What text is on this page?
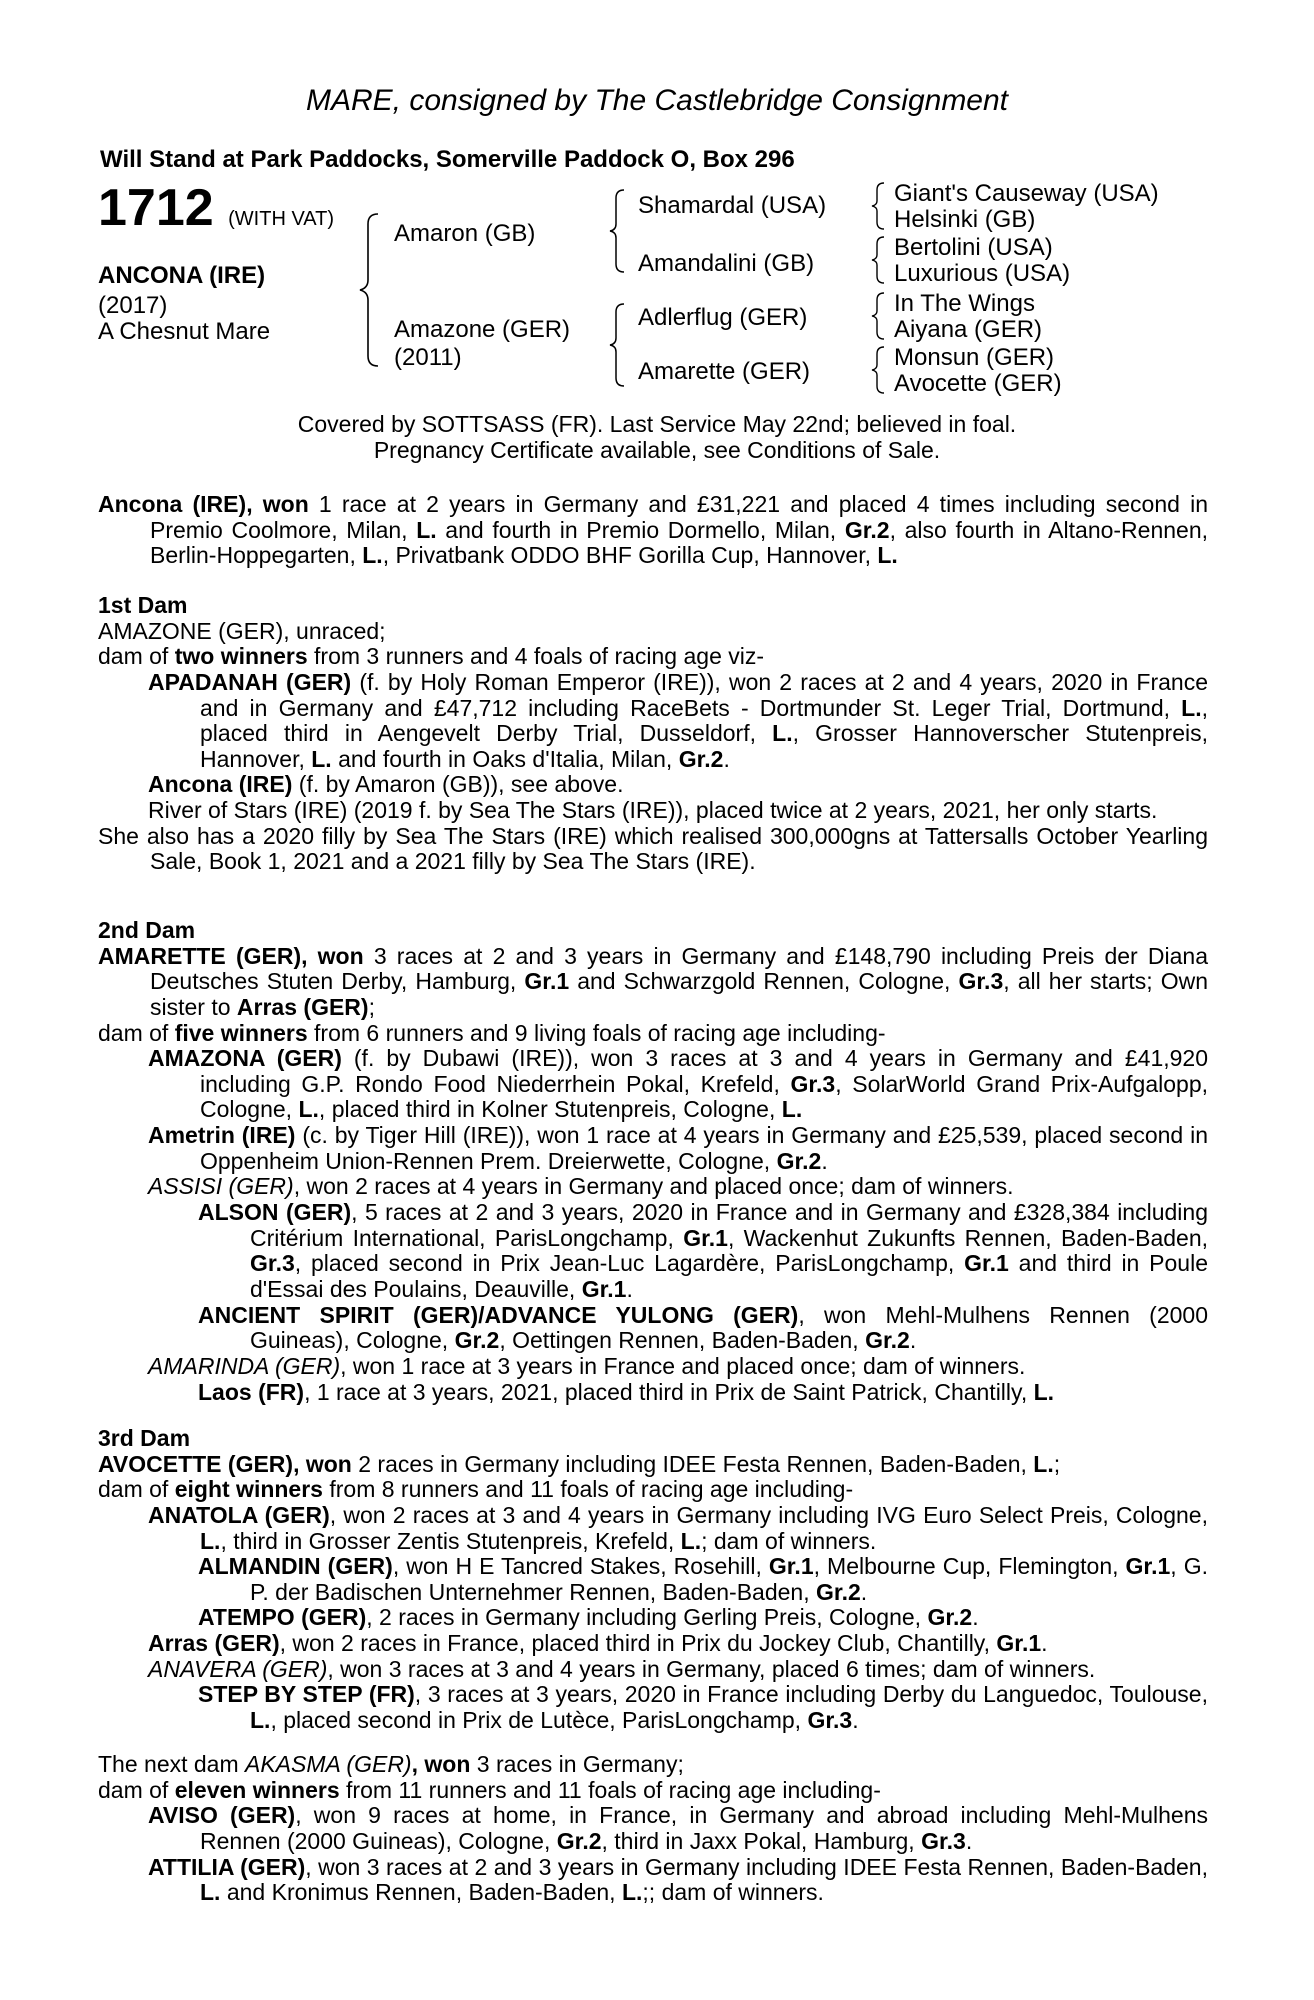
MARE, consigned by The Castlebridge Consignment
Will Stand at Park Paddocks, Somerville Paddock O, Box 296
1712 (WITH VAT)
ANCONA (IRE)
(2017)
A Chesnut Mare
Amaron (GB)
Amazone (GER)
(2011)
Shamardal (USA)
Amandalini (GB)
Adlerflug (GER)
Amarette (GER)
Giant's Causeway (USA)
Helsinki (GB)
Bertolini (USA)
Luxurious (USA)
In The Wings
Aiyana (GER)
Monsun (GER)
Avocette (GER)
Covered by SOTTSASS (FR). Last Service May 22nd; believed in foal.
Pregnancy Certificate available, see Conditions of Sale.

Ancona (IRE), won 1 race at 2 years in Germany and £31,221 and placed 4 times including second in Premio Coolmore, Milan, L. and fourth in Premio Dormello, Milan, Gr.2, also fourth in Altano-Rennen, Berlin-Hoppegarten, L., Privatbank ODDO BHF Gorilla Cup, Hannover, L.

1st Dam

AMAZONE (GER), unraced;

dam of two winners from 3 runners and 4 foals of racing age viz-

APADANAH (GER) (f. by Holy Roman Emperor (IRE)), won 2 races at 2 and 4 years, 2020 in France and in Germany and £47,712 including RaceBets - Dortmunder St. Leger Trial, Dortmund, L., placed third in Aengevelt Derby Trial, Dusseldorf, L., Grosser Hannoverscher Stutenpreis, Hannover, L. and fourth in Oaks d'Italia, Milan, Gr.2.

Ancona (IRE) (f. by Amaron (GB)), see above.

River of Stars (IRE) (2019 f. by Sea The Stars (IRE)), placed twice at 2 years, 2021, her only starts.

She also has a 2020 filly by Sea The Stars (IRE) which realised 300,000gns at Tattersalls October Yearling Sale, Book 1, 2021 and a 2021 filly by Sea The Stars (IRE).

2nd Dam

AMARETTE (GER), won 3 races at 2 and 3 years in Germany and £148,790 including Preis der Diana Deutsches Stuten Derby, Hamburg, Gr.1 and Schwarzgold Rennen, Cologne, Gr.3, all her starts; Own sister to Arras (GER);

dam of five winners from 6 runners and 9 living foals of racing age including-

AMAZONA (GER) (f. by Dubawi (IRE)), won 3 races at 3 and 4 years in Germany and £41,920 including G.P. Rondo Food Niederrhein Pokal, Krefeld, Gr.3, SolarWorld Grand Prix-Aufgalopp, Cologne, L., placed third in Kolner Stutenpreis, Cologne, L.

Ametrin (IRE) (c. by Tiger Hill (IRE)), won 1 race at 4 years in Germany and £25,539, placed second in Oppenheim Union-Rennen Prem. Dreierwette, Cologne, Gr.2.

ASSISI (GER), won 2 races at 4 years in Germany and placed once; dam of winners.

ALSON (GER), 5 races at 2 and 3 years, 2020 in France and in Germany and £328,384 including Critérium International, ParisLongchamp, Gr.1, Wackenhut Zukunfts Rennen, Baden-Baden, Gr.3, placed second in Prix Jean-Luc Lagardère, ParisLongchamp, Gr.1 and third in Poule d'Essai des Poulains, Deauville, Gr.1.

ANCIENT SPIRIT (GER)/ADVANCE YULONG (GER), won Mehl-Mulhens Rennen (2000 Guineas), Cologne, Gr.2, Oettingen Rennen, Baden-Baden, Gr.2.

AMARINDA (GER), won 1 race at 3 years in France and placed once; dam of winners.

Laos (FR), 1 race at 3 years, 2021, placed third in Prix de Saint Patrick, Chantilly, L.

3rd Dam

AVOCETTE (GER), won 2 races in Germany including IDEE Festa Rennen, Baden-Baden, L.;

dam of eight winners from 8 runners and 11 foals of racing age including-

ANATOLA (GER), won 2 races at 3 and 4 years in Germany including IVG Euro Select Preis, Cologne, L., third in Grosser Zentis Stutenpreis, Krefeld, L.; dam of winners.

ALMANDIN (GER), won H E Tancred Stakes, Rosehill, Gr.1, Melbourne Cup, Flemington, Gr.1, G. P. der Badischen Unternehmer Rennen, Baden-Baden, Gr.2.

ATEMPO (GER), 2 races in Germany including Gerling Preis, Cologne, Gr.2.

Arras (GER), won 2 races in France, placed third in Prix du Jockey Club, Chantilly, Gr.1.

ANAVERA (GER), won 3 races at 3 and 4 years in Germany, placed 6 times; dam of winners.

STEP BY STEP (FR), 3 races at 3 years, 2020 in France including Derby du Languedoc, Toulouse, L., placed second in Prix de Lutèce, ParisLongchamp, Gr.3.

The next dam AKASMA (GER), won 3 races in Germany;

dam of eleven winners from 11 runners and 11 foals of racing age including-

AVISO (GER), won 9 races at home, in France, in Germany and abroad including Mehl-Mulhens Rennen (2000 Guineas), Cologne, Gr.2, third in Jaxx Pokal, Hamburg, Gr.3.

ATTILIA (GER), won 3 races at 2 and 3 years in Germany including IDEE Festa Rennen, Baden-Baden, L. and Kronimus Rennen, Baden-Baden, L.;; dam of winners.
